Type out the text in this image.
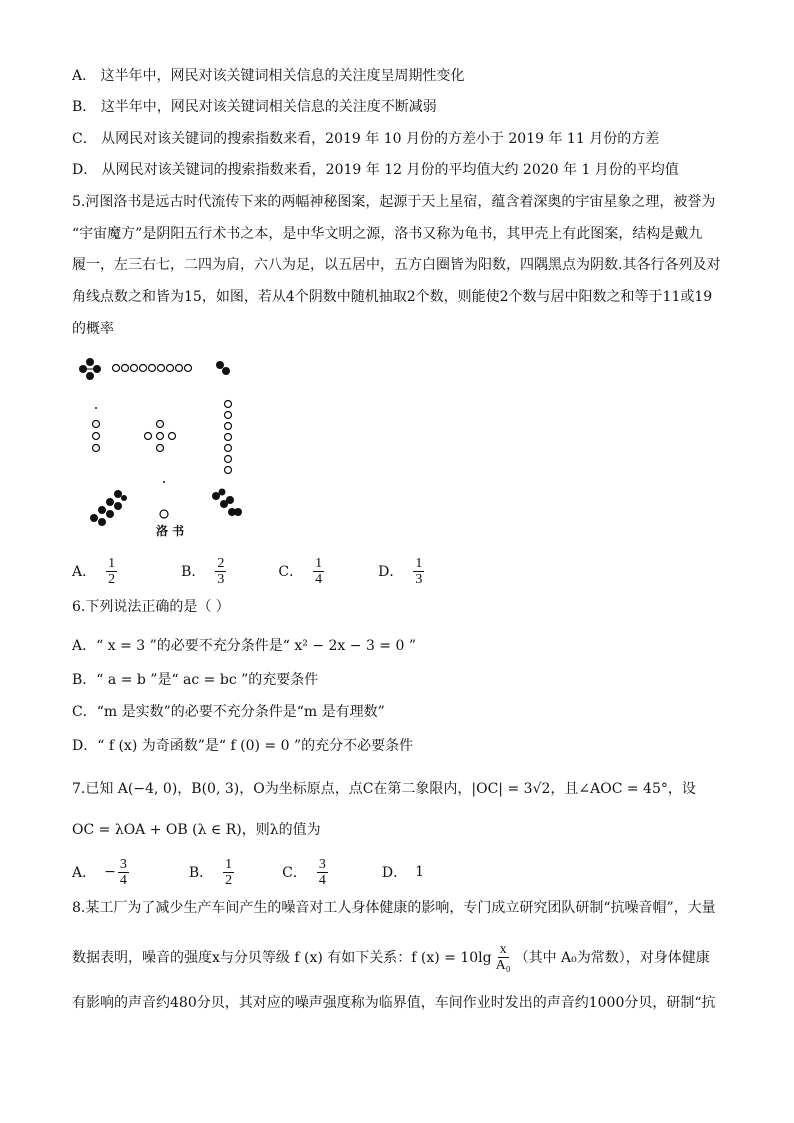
A． 这半年中，网民对该关键词相关信息的关注度呈周期性变化
B． 这半年中，网民对该关键词相关信息的关注度不断减弱
C． 从网民对该关键词的搜索指数来看，2019 年 10 月份的方差小于 2019 年 11 月份的方差
D． 从网民对该关键词的搜索指数来看，2019 年 12 月份的平均值大约 2020 年 1 月份的平均值
5.河图洛书是远古时代流传下来的两幅神秘图案，起源于天上星宿，蕴含着深奥的宇宙星象之理，被誉为
“宇宙魔方”是阴阳五行术书之本，是中华文明之源，洛书又称为龟书，其甲壳上有此图案，结构是戴九
履一，左三右七，二四为肩，六八为足，以五居中，五方白圈皆为阳数，四隅黑点为阴数.其各行各列及对
角线点数之和皆为15，如图，若从4个阴数中随机抽取2个数，则能使2个数与居中阳数之和等于11或19
的概率
洛 书
A． $\frac{1}{2}$	B． $\frac{2}{3}$	C． $\frac{1}{4}$	D． $\frac{1}{3}$
6.下列说法正确的是（ ）
A．“ x = 3 ”的必要不充分条件是“ x² − 2x − 3 = 0 ”
B．“ a = b ”是“ ac = bc ”的充要条件
C．“m 是实数”的必要不充分条件是“m 是有理数”
D．“ f (x) 为奇函数”是“ f (0) = 0 ”的充分不必要条件
7.已知 A(−4, 0)，B(0, 3)，O为坐标原点，点C在第二象限内，|OC| = 3√2，且∠AOC = 45°，设
OC = λOA + OB (λ ∈ R)，则λ的值为
A． − $\frac{3}{4}$	B． $\frac{1}{2}$	C． $\frac{3}{4}$	D． 1
8.某工厂为了减少生产车间产生的噪音对工人身体健康的影响，专门成立研究团队研制“抗噪音帽”，大量
数据表明，噪音的强度x与分贝等级 f (x) 有如下关系：f $(x) = 10\lg \frac{x}{\text{A₀}}$ （其中 A₀为常数），对身体健康
有影响的声音约480分贝，其对应的噪声强度称为临界值，车间作业时发出的声音约1000分贝，研制“抗
